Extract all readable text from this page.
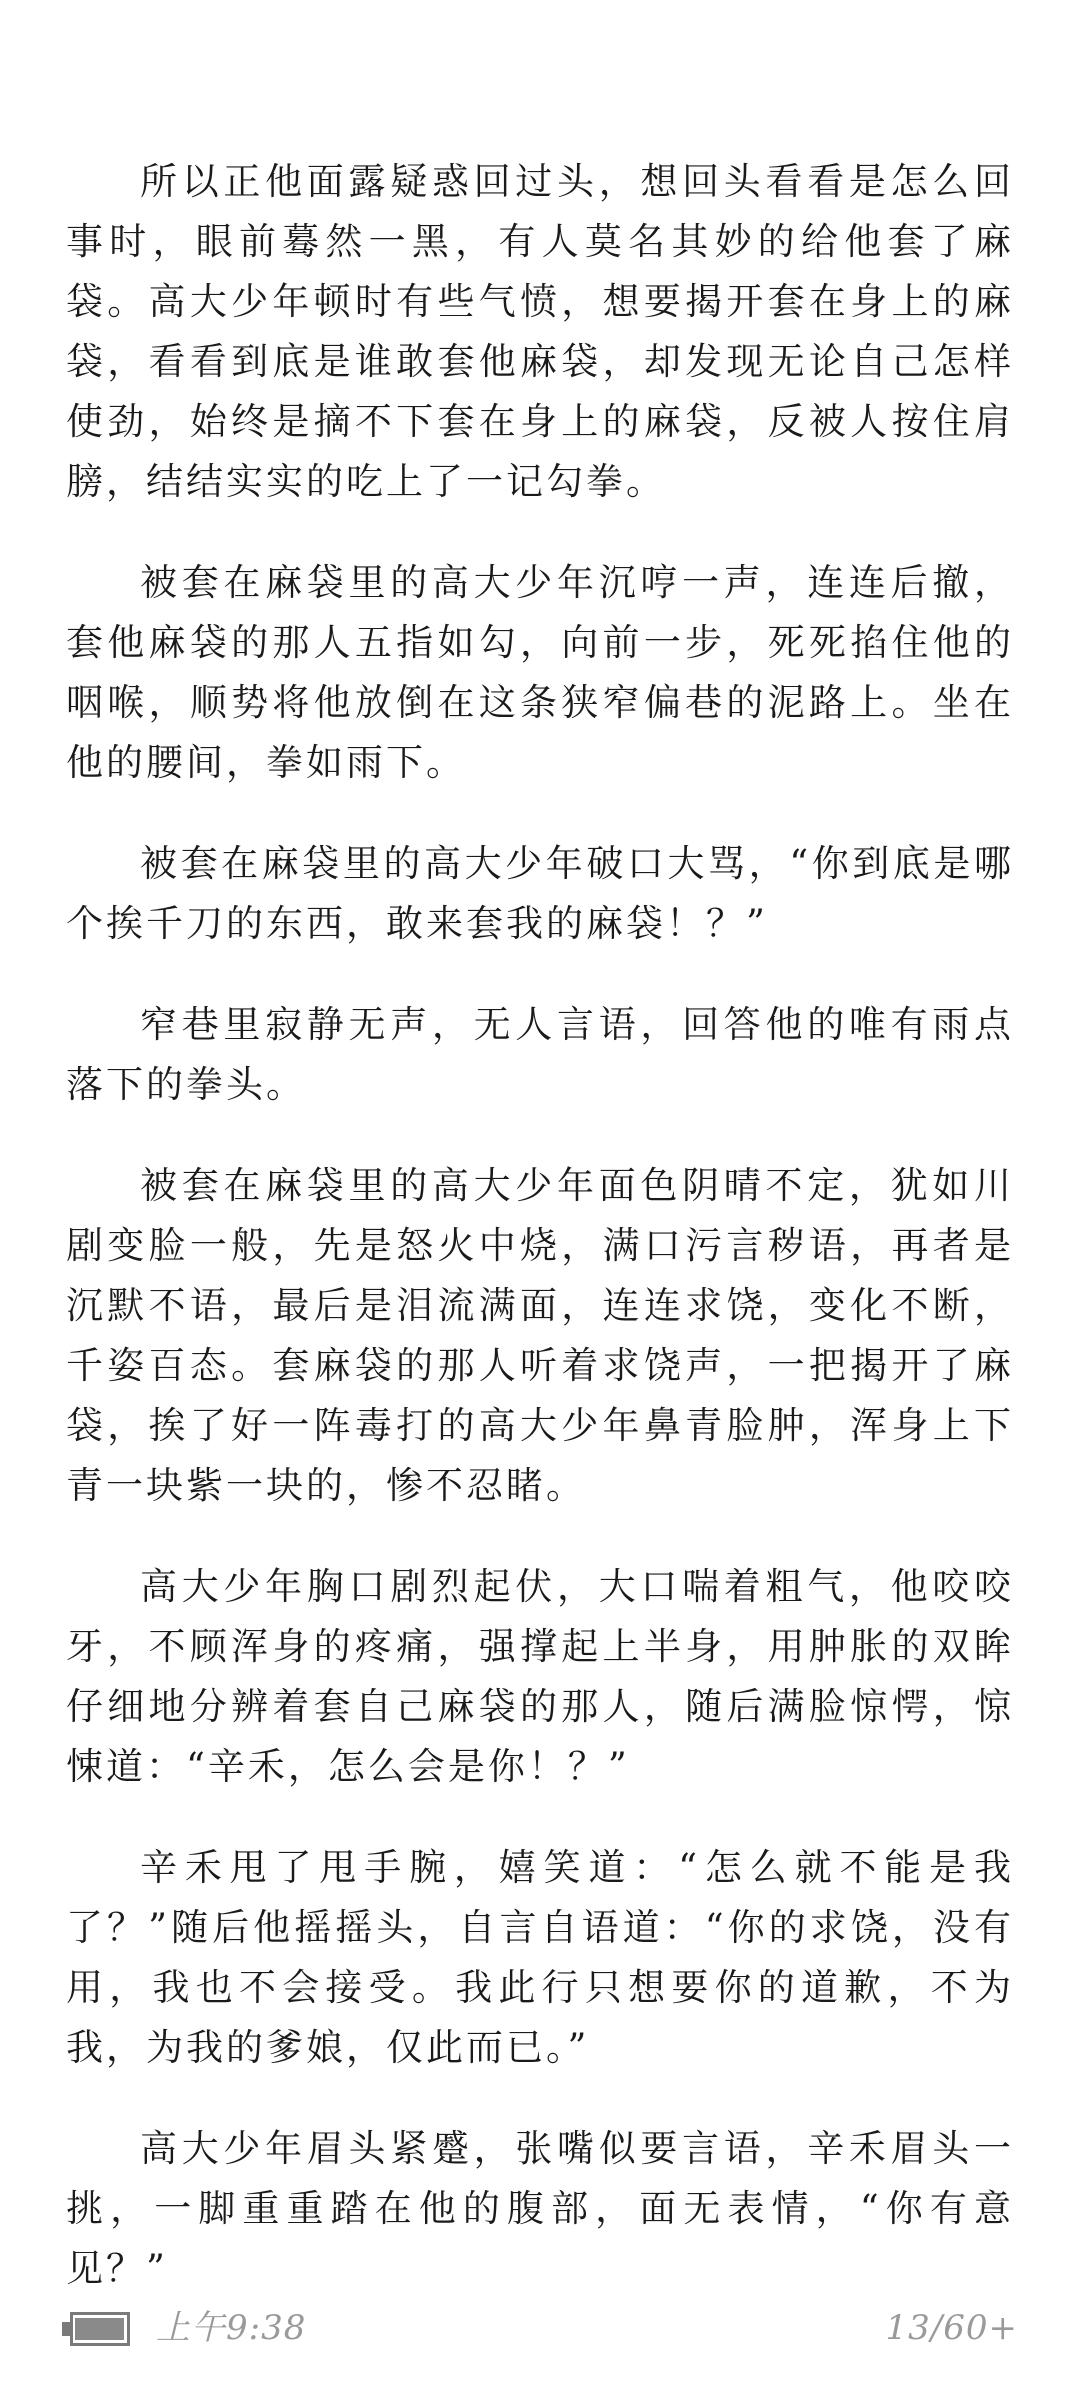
所以正他面露疑惑回过头，想回头看看是怎么回事时，眼前蓦然一黑，有人莫名其妙的给他套了麻袋。高大少年顿时有些气愤，想要揭开套在身上的麻袋，看看到底是谁敢套他麻袋，却发现无论自己怎样使劲，始终是摘不下套在身上的麻袋，反被人按住肩膀，结结实实的吃上了一记勾拳。

被套在麻袋里的高大少年沉哼一声，连连后撤，套他麻袋的那人五指如勾，向前一步，死死掐住他的咽喉，顺势将他放倒在这条狭窄偏巷的泥路上。坐在他的腰间，拳如雨下。

被套在麻袋里的高大少年破口大骂，“你到底是哪个挨千刀的东西，敢来套我的麻袋！？”

窄巷里寂静无声，无人言语，回答他的唯有雨点落下的拳头。

被套在麻袋里的高大少年面色阴晴不定，犹如川剧变脸一般，先是怒火中烧，满口污言秽语，再者是沉默不语，最后是泪流满面，连连求饶，变化不断，千姿百态。套麻袋的那人听着求饶声，一把揭开了麻袋，挨了好一阵毒打的高大少年鼻青脸肿，浑身上下青一块紫一块的，惨不忍睹。

高大少年胸口剧烈起伏，大口喘着粗气，他咬咬牙，不顾浑身的疼痛，强撑起上半身，用肿胀的双眸仔细地分辨着套自己麻袋的那人，随后满脸惊愕，惊悚道：“辛禾，怎么会是你！？”

辛禾甩了甩手腕，嬉笑道：“怎么就不能是我了？”随后他摇摇头，自言自语道：“你的求饶，没有用，我也不会接受。我此行只想要你的道歉，不为我，为我的爹娘，仅此而已。”

高大少年眉头紧蹙，张嘴似要言语，辛禾眉头一挑，一脚重重踏在他的腹部，面无表情，“你有意见？”

上午9:38	13/60+
